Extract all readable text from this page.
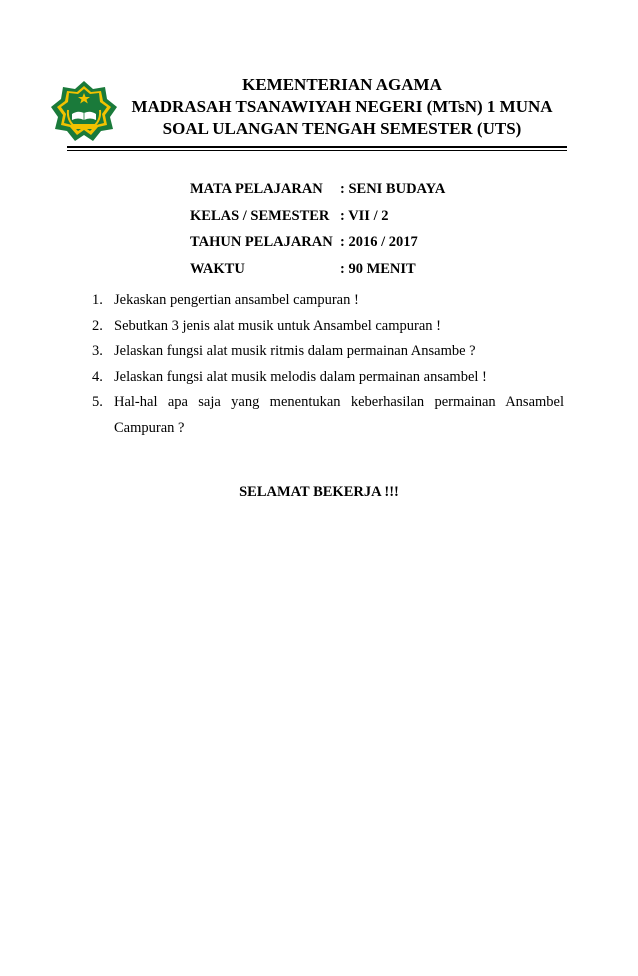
KEMENTERIAN AGAMA
MADRASAH TSANAWIYAH NEGERI (MTsN) 1 MUNA
SOAL ULANGAN TENGAH SEMESTER (UTS)
MATA PELAJARAN	: SENI BUDAYA
KELAS / SEMESTER : VII / 2
TAHUN PELAJARAN : 2016 / 2017
WAKTU	: 90 MENIT
1. Jekaskan pengertian ansambel campuran !
2. Sebutkan 3 jenis alat musik untuk Ansambel campuran !
3. Jelaskan fungsi alat musik ritmis dalam permainan Ansambe ?
4. Jelaskan fungsi alat musik melodis dalam permainan ansambel !
5. Hal-hal apa saja yang menentukan keberhasilan permainan Ansambel
Campuran ?
SELAMAT BEKERJA !!!
